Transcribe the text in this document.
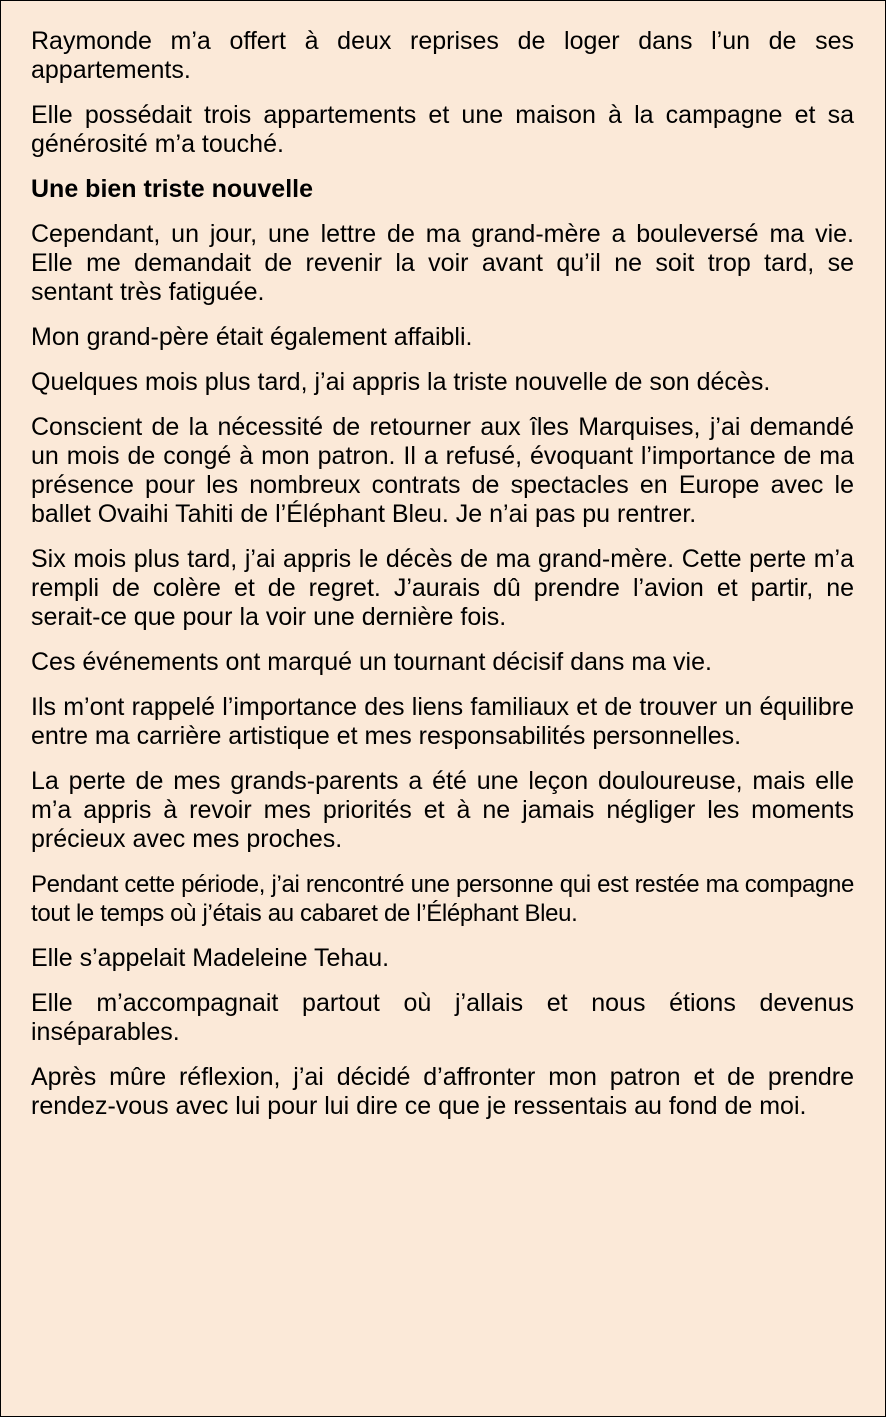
Raymonde m’a offert à deux reprises de loger dans l’un de ses appartements.

Elle possédait trois appartements et une maison à la campagne et sa générosité m’a touché.

Une bien triste nouvelle

Cependant, un jour, une lettre de ma grand-mère a bouleversé ma vie. Elle me demandait de revenir la voir avant qu’il ne soit trop tard, se sentant très fatiguée.

Mon grand-père était également affaibli.

Quelques mois plus tard, j’ai appris la triste nouvelle de son décès.

Conscient de la nécessité de retourner aux îles Marquises, j’ai demandé un mois de congé à mon patron. Il a refusé, évoquant l’importance de ma présence pour les nombreux contrats de spectacles en Europe avec le ballet Ovaihi Tahiti de l’Éléphant Bleu. Je n’ai pas pu rentrer.

Six mois plus tard, j’ai appris le décès de ma grand-mère. Cette perte m’a rempli de colère et de regret. J’aurais dû prendre l’avion et partir, ne serait-ce que pour la voir une dernière fois.

Ces événements ont marqué un tournant décisif dans ma vie.

Ils m’ont rappelé l’importance des liens familiaux et de trouver un équilibre entre ma carrière artistique et mes responsabilités personnelles.

La perte de mes grands-parents a été une leçon douloureuse, mais elle m’a appris à revoir mes priorités et à ne jamais négliger les moments précieux avec mes proches.

Pendant cette période, j’ai rencontré une personne qui est restée ma compagne tout le temps où j’étais au cabaret de l’Éléphant Bleu.

Elle s’appelait Madeleine Tehau.

Elle m’accompagnait partout où j’allais et nous étions devenus inséparables.

Après mûre réflexion, j’ai décidé d’affronter mon patron et de prendre rendez-vous avec lui pour lui dire ce que je ressentais au fond de moi.
